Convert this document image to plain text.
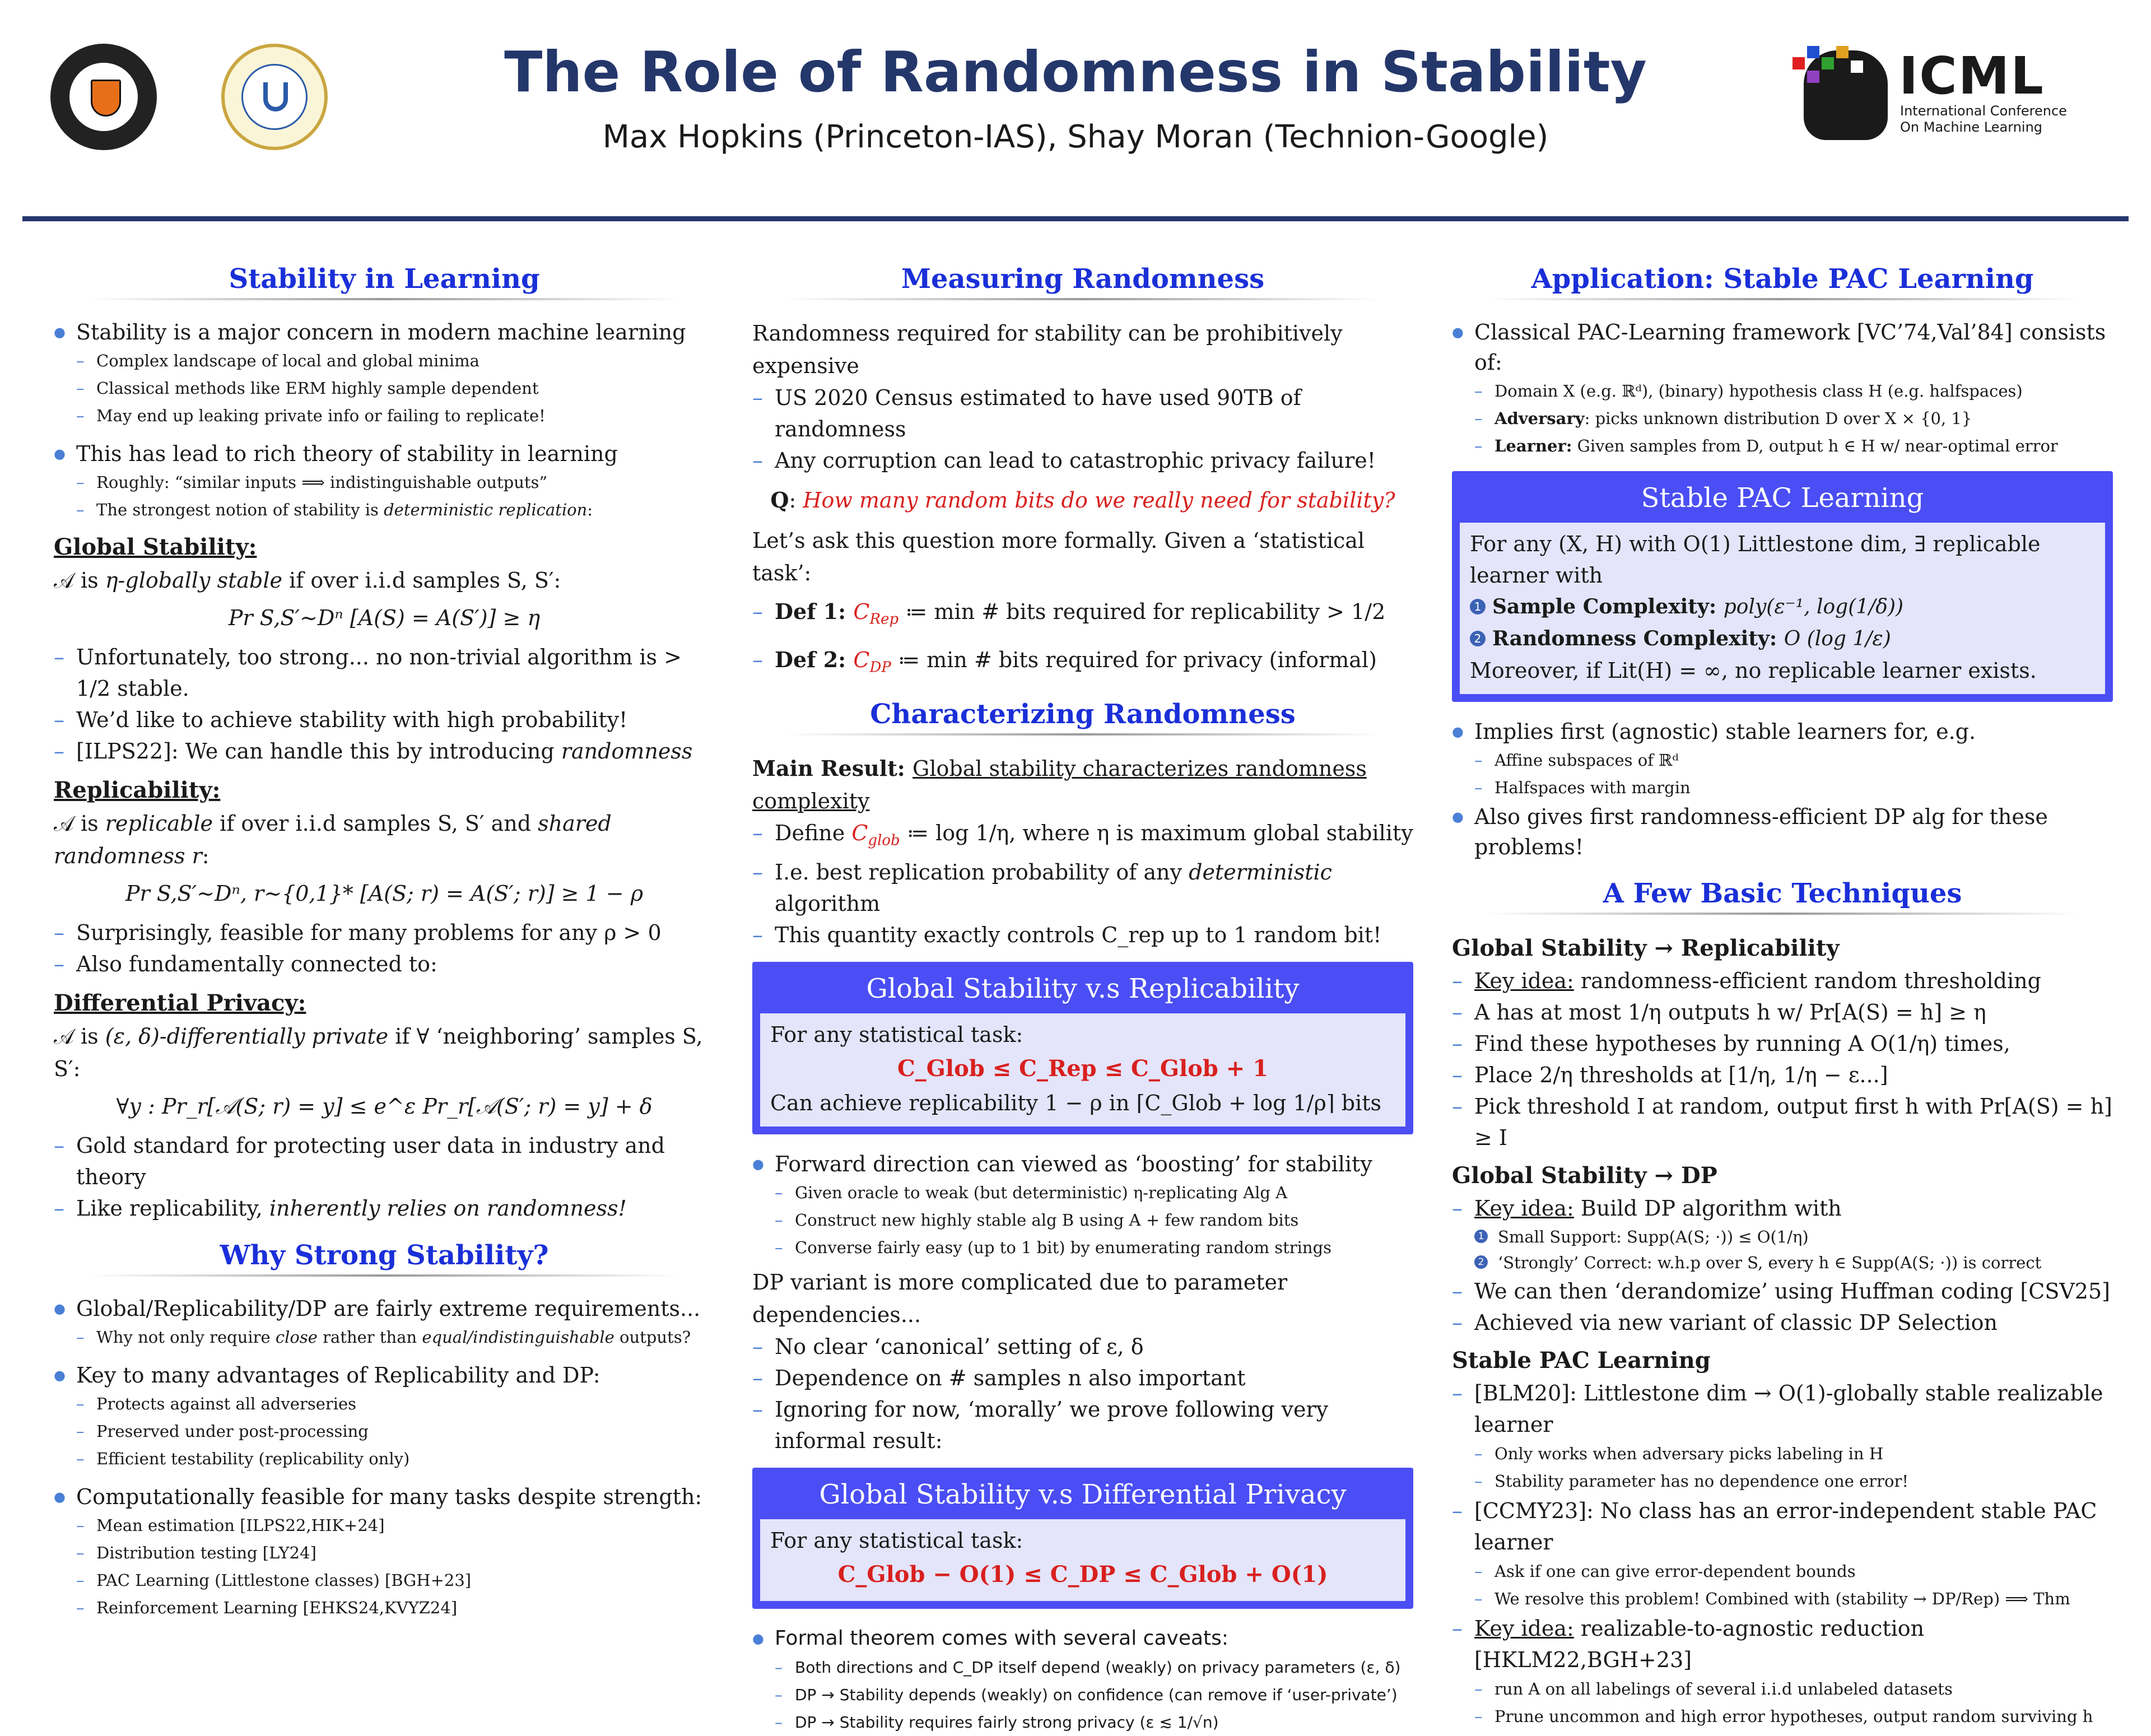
The Role of Randomness in Stability
Max Hopkins (Princeton-IAS), Shay Moran (Technion-Google)
ICML
International Conference
On Machine Learning
Stability in Learning
● Stability is a major concern in modern machine learning
– Complex landscape of local and global minima
– Classical methods like ERM highly sample dependent
– May end up leaking private info or failing to replicate!
● This has lead to rich theory of stability in learning
– Roughly: “similar inputs ⟹ indistinguishable outputs”
– The strongest notion of stability is deterministic replication:
Global Stability:
𝒜 is η-globally stable if over i.i.d samples S, S′:
Pr S,S′∼Dⁿ [A(S) = A(S′)] ≥ η
– Unfortunately, too strong... no non-trivial algorithm is > 1/2 stable.
– We’d like to achieve stability with high probability!
– [ILPS22]: We can handle this by introducing randomness
Replicability:
𝒜 is replicable if over i.i.d samples S, S′ and shared randomness r:
Pr S,S′∼Dⁿ, r∼{0,1}* [A(S; r) = A(S′; r)] ≥ 1 − ρ
– Surprisingly, feasible for many problems for any ρ > 0
– Also fundamentally connected to:
Differential Privacy:
𝒜 is (ε, δ)-differentially private if ∀ ‘neighboring’ samples S, S′:
∀y : Pr_r[𝒜(S; r) = y] ≤ e^ε Pr_r[𝒜(S′; r) = y] + δ
– Gold standard for protecting user data in industry and theory
– Like replicability, inherently relies on randomness!
Why Strong Stability?
● Global/Replicability/DP are fairly extreme requirements...
– Why not only require close rather than equal/indistinguishable outputs?
● Key to many advantages of Replicability and DP:
– Protects against all adverseries
– Preserved under post-processing
– Efficient testability (replicability only)
● Computationally feasible for many tasks despite strength:
– Mean estimation [ILPS22,HIK+24]
– Distribution testing [LY24]
– PAC Learning (Littlestone classes) [BGH+23]
– Reinforcement Learning [EHKS24,KVYZ24]
Measuring Randomness
Randomness required for stability can be prohibitively expensive
– US 2020 Census estimated to have used 90TB of randomness
– Any corruption can lead to catastrophic privacy failure!
Q: How many random bits do we really need for stability?
Let’s ask this question more formally. Given a ‘statistical task’:
– Def 1: $C_{Rep}$ ≔ min # bits required for replicability > 1/2
– Def 2: $C_{DP}$ ≔ min # bits required for privacy (informal)
Characterizing Randomness
Main Result: Global stability characterizes randomness complexity
– Define $C_{glob}$ ≔ log 1/η, where η is maximum global stability
– I.e. best replication probability of any deterministic algorithm
– This quantity exactly controls C_rep up to 1 random bit!
Global Stability v.s Replicability
For any statistical task:
C_Glob ≤ C_Rep ≤ C_Glob + 1
Can achieve replicability 1 − ρ in ⌈C_Glob + log 1/ρ⌉ bits
● Forward direction can viewed as ‘boosting’ for stability
– Given oracle to weak (but deterministic) η-replicating Alg A
– Construct new highly stable alg B using A + few random bits
– Converse fairly easy (up to 1 bit) by enumerating random strings
DP variant is more complicated due to parameter dependencies...
– No clear ‘canonical’ setting of ε, δ
– Dependence on # samples n also important
– Ignoring for now, ‘morally’ we prove following very informal result:
Global Stability v.s Differential Privacy
For any statistical task:
C_Glob − O(1) ≤ C_DP ≤ C_Glob + O(1)
● Formal theorem comes with several caveats:
– Both directions and C_DP itself depend (weakly) on privacy parameters (ε, δ)
– DP → Stability depends (weakly) on confidence (can remove if ‘user-private’)
– DP → Stability requires fairly strong privacy (ε ≲ 1/√n)
Application: Stable PAC Learning
● Classical PAC-Learning framework [VC’74,Val’84] consists of:
– Domain X (e.g. ℝᵈ), (binary) hypothesis class H (e.g. halfspaces)
– Adversary: picks unknown distribution D over X × {0, 1}
– Learner: Given samples from D, output h ∈ H w/ near-optimal error
Stable PAC Learning
For any (X, H) with O(1) Littlestone dim, ∃ replicable learner with
1 Sample Complexity: poly(ε⁻¹, log(1/δ))
2 Randomness Complexity: O (log 1/ε)
Moreover, if Lit(H) = ∞, no replicable learner exists.
● Implies first (agnostic) stable learners for, e.g.
– Affine subspaces of ℝᵈ
– Halfspaces with margin
● Also gives first randomness-efficient DP alg for these problems!
A Few Basic Techniques
Global Stability → Replicability
– Key idea: randomness-efficient random thresholding
– A has at most 1/η outputs h w/ Pr[A(S) = h] ≥ η
– Find these hypotheses by running A O(1/η) times,
– Place 2/η thresholds at [1/η, 1/η − ε...]
– Pick threshold I at random, output first h with Pr[A(S) = h] ≥ I
Global Stability → DP
– Key idea: Build DP algorithm with
1 Small Support: Supp(A(S; ·)) ≤ O(1/η)
2 ‘Strongly’ Correct: w.h.p over S, every h ∈ Supp(A(S; ·)) is correct
– We can then ‘derandomize’ using Huffman coding [CSV25]
– Achieved via new variant of classic DP Selection
Stable PAC Learning
– [BLM20]: Littlestone dim → O(1)-globally stable realizable learner
– Only works when adversary picks labeling in H
– Stability parameter has no dependence one error!
– [CCMY23]: No class has an error-independent stable PAC learner
– Ask if one can give error-dependent bounds
– We resolve this problem! Combined with (stability → DP/Rep) ⟹ Thm
– Key idea: realizable-to-agnostic reduction [HKLM22,BGH+23]
– run A on all labelings of several i.i.d unlabeled datasets
– Prune uncommon and high error hypotheses, output random surviving h
